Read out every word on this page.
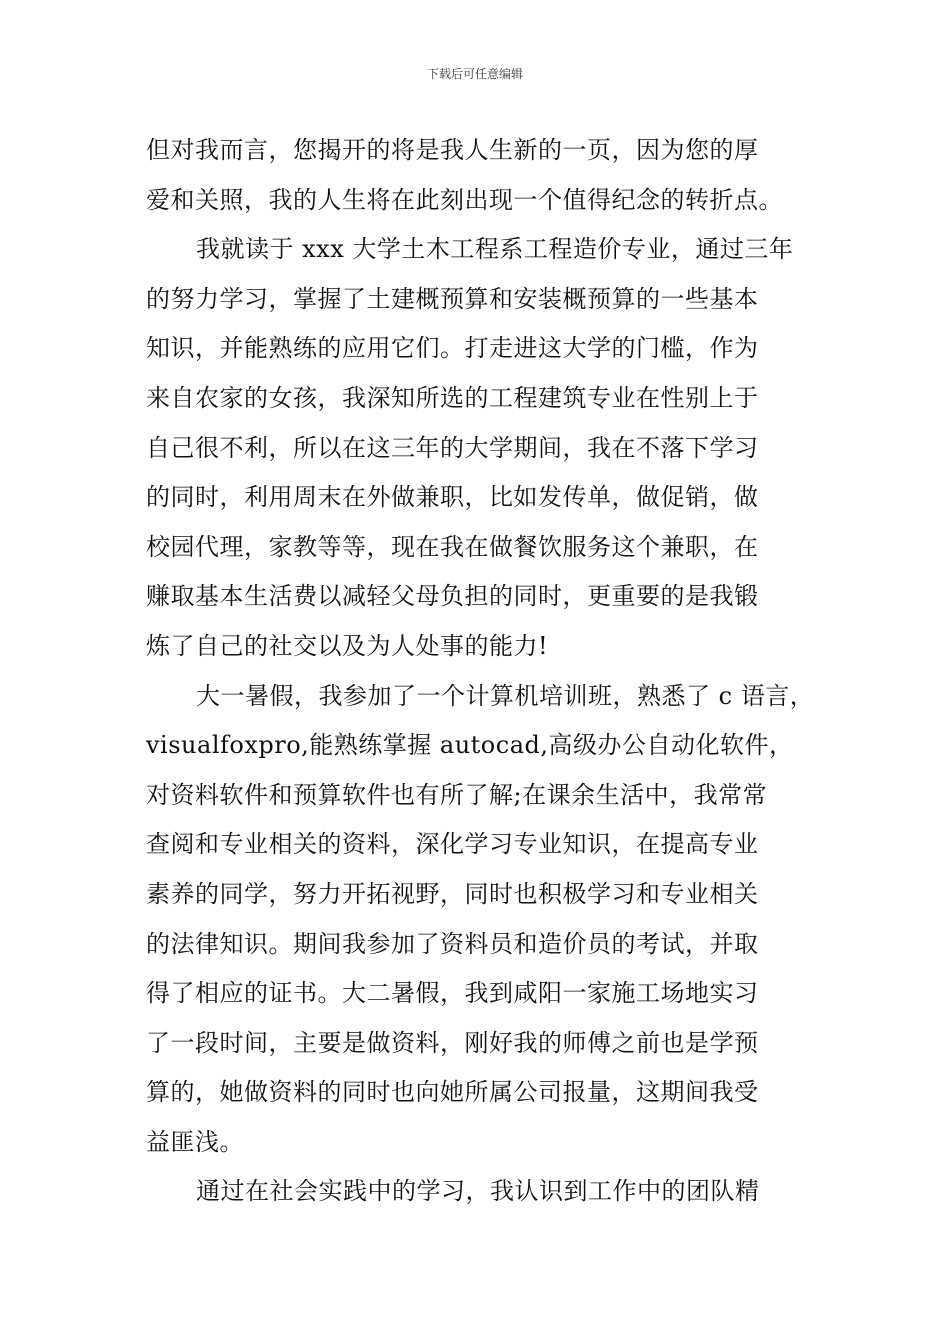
下载后可任意编辑
但对我而言，您揭开的将是我人生新的一页，因为您的厚
爱和关照，我的人生将在此刻出现一个值得纪念的转折点。
我就读于 xxx 大学土木工程系工程造价专业，通过三年
的努力学习，掌握了土建概预算和安装概预算的一些基本
知识，并能熟练的应用它们。打走进这大学的门槛，作为
来自农家的女孩，我深知所选的工程建筑专业在性别上于
自己很不利，所以在这三年的大学期间，我在不落下学习
的同时，利用周末在外做兼职，比如发传单，做促销，做
校园代理，家教等等，现在我在做餐饮服务这个兼职，在
赚取基本生活费以减轻父母负担的同时，更重要的是我锻
炼了自己的社交以及为人处事的能力!
大一暑假，我参加了一个计算机培训班，熟悉了 c 语言，
visualfoxpro,能熟练掌握 autocad,高级办公自动化软件，
对资料软件和预算软件也有所了解;在课余生活中，我常常
查阅和专业相关的资料，深化学习专业知识，在提高专业
素养的同学，努力开拓视野，同时也积极学习和专业相关
的法律知识。期间我参加了资料员和造价员的考试，并取
得了相应的证书。大二暑假，我到咸阳一家施工场地实习
了一段时间，主要是做资料，刚好我的师傅之前也是学预
算的，她做资料的同时也向她所属公司报量，这期间我受
益匪浅。
通过在社会实践中的学习，我认识到工作中的团队精
